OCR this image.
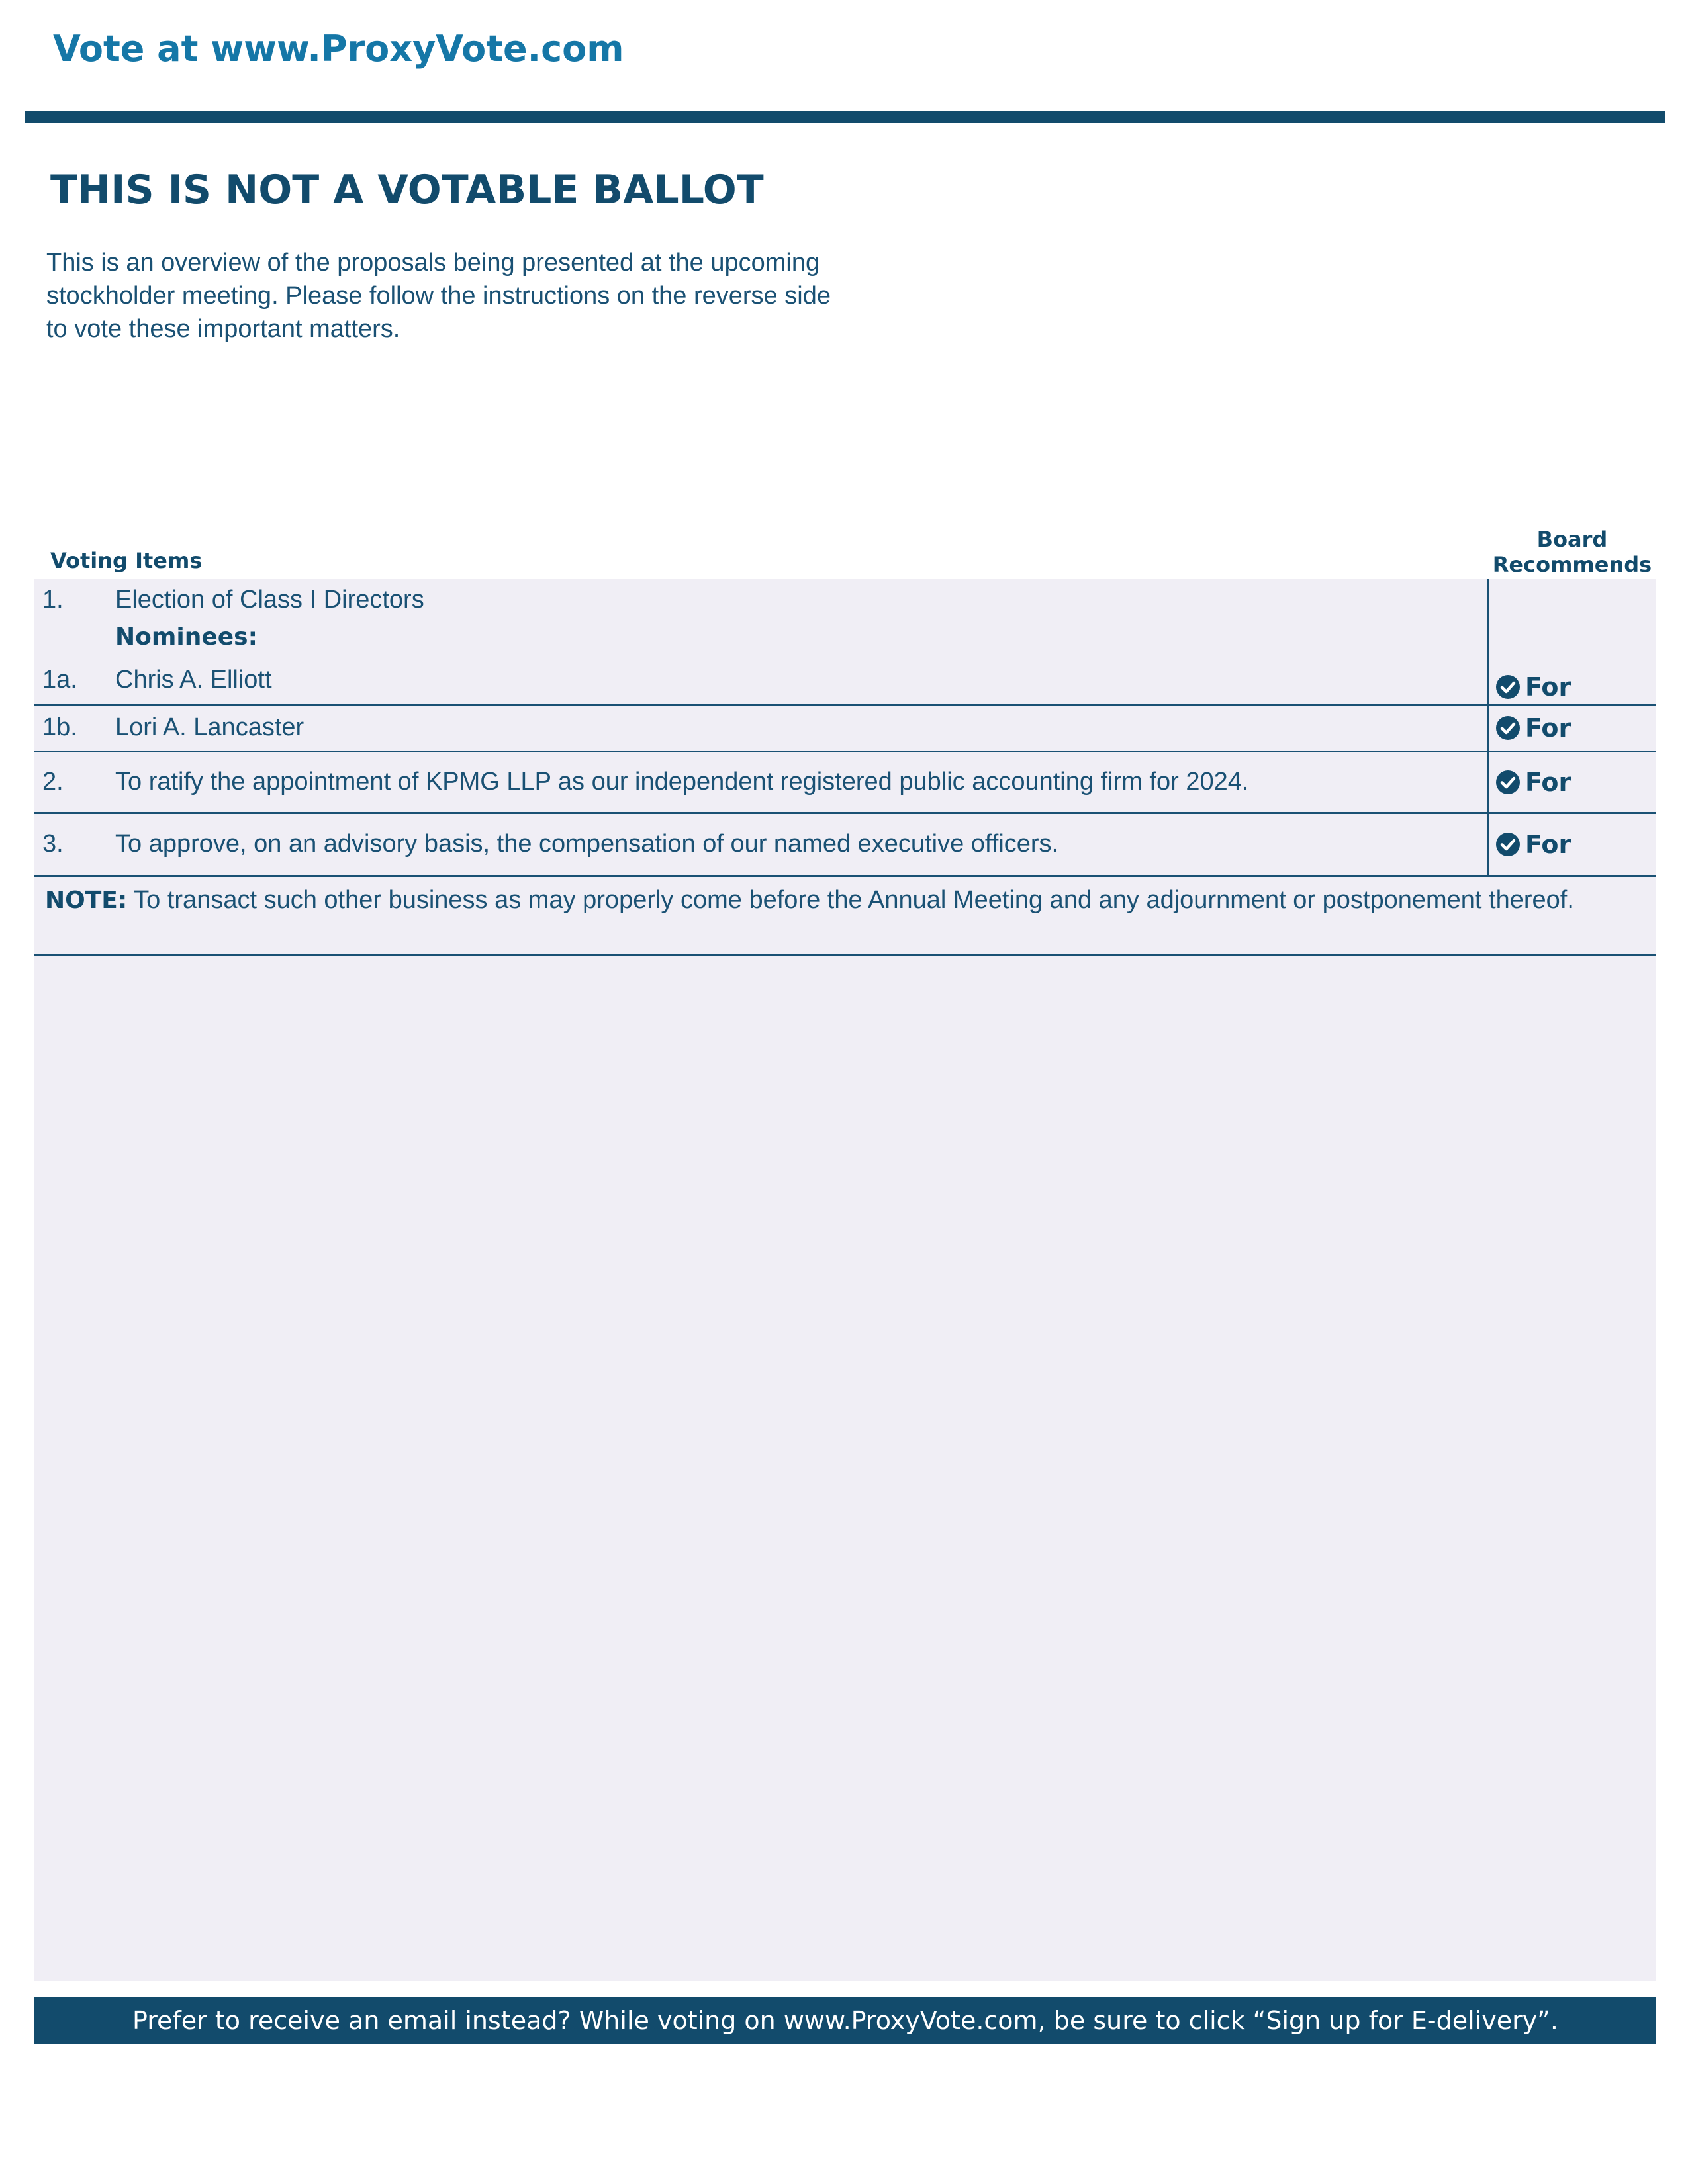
Vote at www.ProxyVote.com
THIS IS NOT A VOTABLE BALLOT
This is an overview of the proposals being presented at the upcoming stockholder meeting. Please follow the instructions on the reverse side to vote these important matters.
Voting Items
Board
Recommends
1. Election of Class I Directors
Nominees:
1a. Chris A. Elliott	For
1b. Lori A. Lancaster	For
2. To ratify the appointment of KPMG LLP as our independent registered public accounting firm for 2024.	For
3. To approve, on an advisory basis, the compensation of our named executive officers.	For
NOTE: To transact such other business as may properly come before the Annual Meeting and any adjournment or postponement thereof.
Prefer to receive an email instead? While voting on www.ProxyVote.com, be sure to click “Sign up for E-delivery”.
